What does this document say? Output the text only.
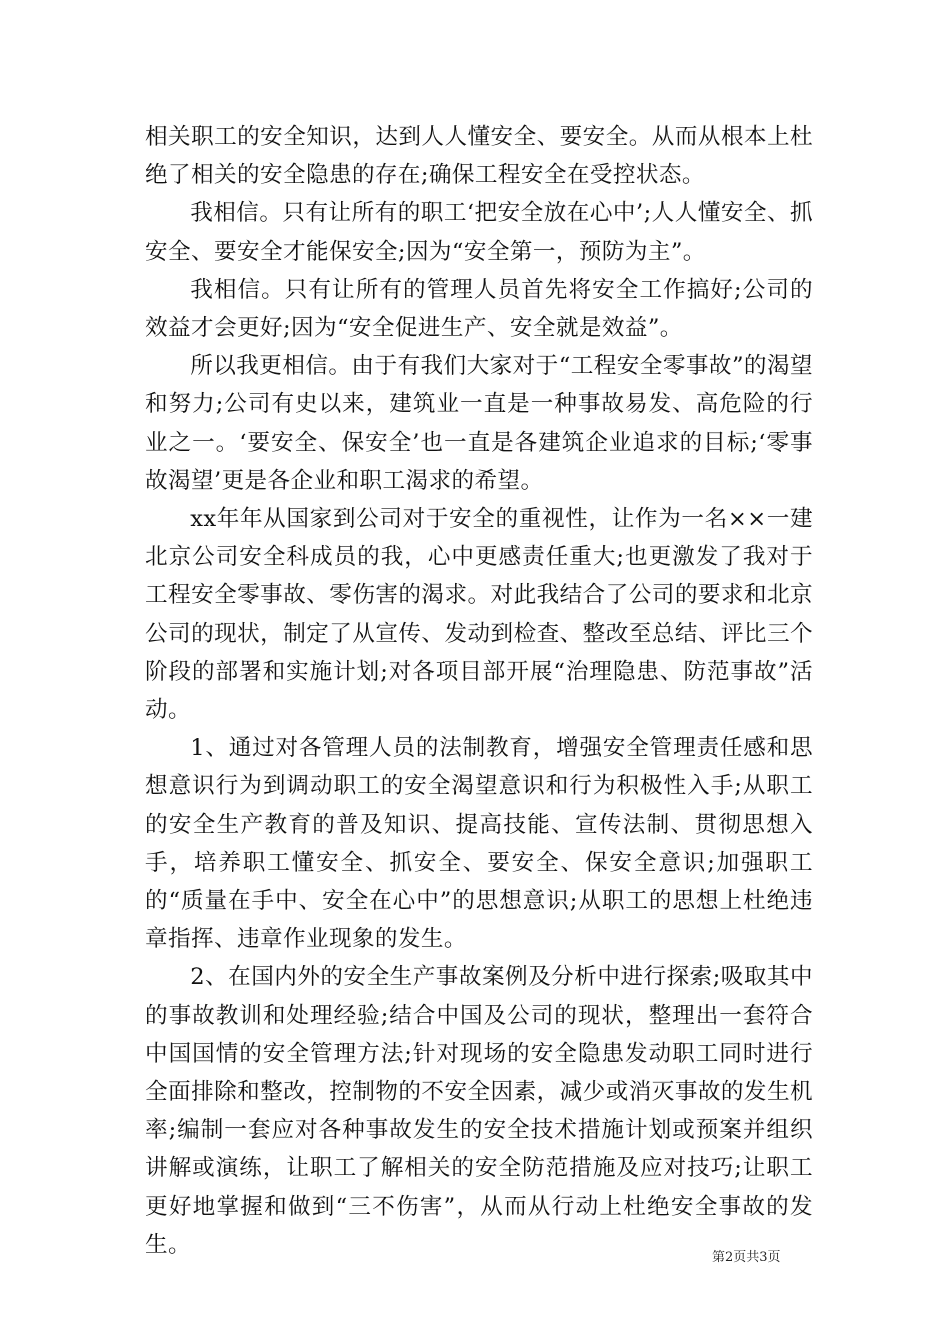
相关职工的安全知识，达到人人懂安全、要安全。从而从根本上杜绝了相关的安全隐患的存在;确保工程安全在受控状态。

我相信。只有让所有的职工‘把安全放在心中’;人人懂安全、抓安全、要安全才能保安全;因为“安全第一，预防为主”。

我相信。只有让所有的管理人员首先将安全工作搞好;公司的效益才会更好;因为“安全促进生产、安全就是效益”。

所以我更相信。由于有我们大家对于“工程安全零事故”的渴望和努力;公司有史以来，建筑业一直是一种事故易发、高危险的行业之一。‘要安全、保安全’也一直是各建筑企业追求的目标;‘零事故渴望’更是各企业和职工渴求的希望。

xx年年从国家到公司对于安全的重视性，让作为一名××一建北京公司安全科成员的我，心中更感责任重大;也更激发了我对于工程安全零事故、零伤害的渴求。对此我结合了公司的要求和北京公司的现状，制定了从宣传、发动到检查、整改至总结、评比三个阶段的部署和实施计划;对各项目部开展“治理隐患、防范事故”活动。

1、通过对各管理人员的法制教育，增强安全管理责任感和思想意识行为到调动职工的安全渴望意识和行为积极性入手;从职工的安全生产教育的普及知识、提高技能、宣传法制、贯彻思想入手，培养职工懂安全、抓安全、要安全、保安全意识;加强职工的“质量在手中、安全在心中”的思想意识;从职工的思想上杜绝违章指挥、违章作业现象的发生。

2、在国内外的安全生产事故案例及分析中进行探索;吸取其中的事故教训和处理经验;结合中国及公司的现状，整理出一套符合中国国情的安全管理方法;针对现场的安全隐患发动职工同时进行全面排除和整改，控制物的不安全因素，减少或消灭事故的发生机率;编制一套应对各种事故发生的安全技术措施计划或预案并组织讲解或演练，让职工了解相关的安全防范措施及应对技巧;让职工更好地掌握和做到“三不伤害”，从而从行动上杜绝安全事故的发生。	第2页共3页
